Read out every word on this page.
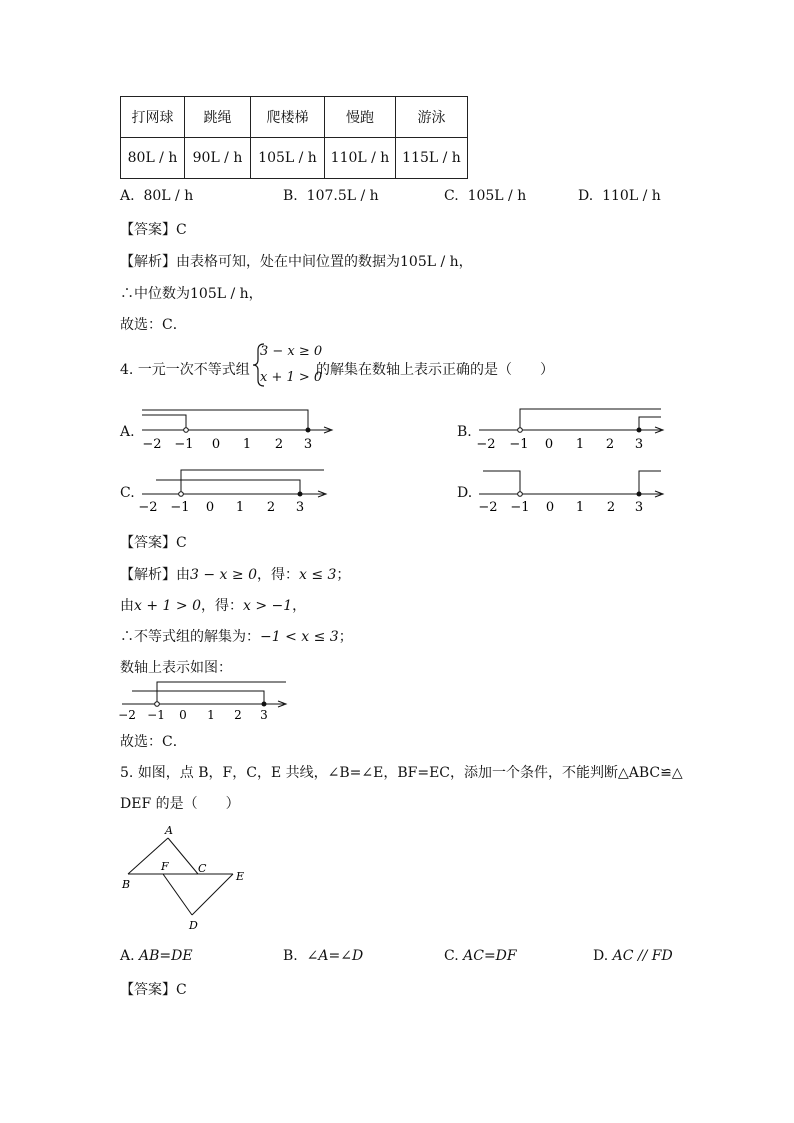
打网球	跳绳	爬楼梯	慢跑	游泳
80L / h	90L / h	105L / h	110L / h	115L / h
A. 80L / h	B. 107.5L / h	C. 105L / h	D. 110L / h
【答案】C
【解析】由表格可知，处在中间位置的数据为105L / h，
∴中位数为105L / h，
故选：C．
4. 一元一次不等式组
3 − x ≥ 0
x + 1 > 0
的解集在数轴上表示正确的是（　　）
A.	B.
C.	D.
−2 −1 0 1 2 3	−2 −1 0 1 2 3
−2 −1 0 1 2 3	−2 −1 0 1 2 3
【答案】C
【解析】由3 − x ≥ 0，得：x ≤ 3；
由x + 1 > 0，得：x > −1，
∴不等式组的解集为：−1 < x ≤ 3；
数轴上表示如图：
−2 −1 0 1 2 3
故选：C．
5. 如图，点 B，F，C，E 共线，∠B=∠E，BF=EC，添加一个条件，不能判断△ABC≌△
DEF 的是（　　）
A
B
F	C
E
D
A. AB=DE	B. ∠A=∠D	C. AC=DF	D. AC // FD
【答案】C
